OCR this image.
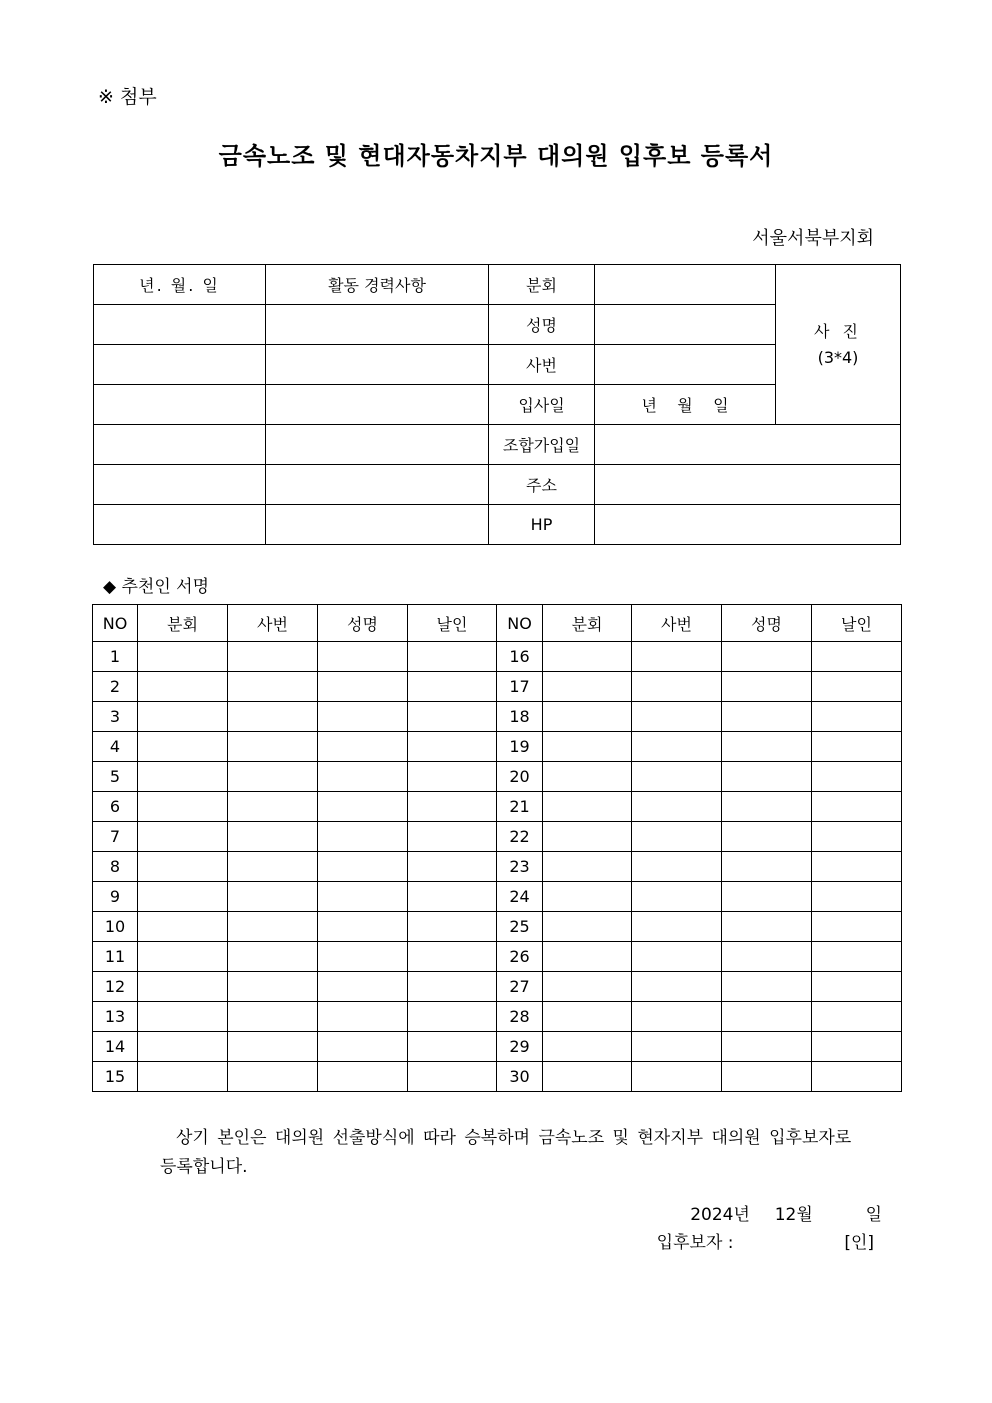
※ 첨부
금속노조 및 현대자동차지부 대의원 입후보 등록서
서울서북부지회
년. 월. 일	활동 경력사항	분회		사 진
(3*4)

		성명		
		사번		
		입사일	년    월    일	
		조합가입일		
		주소		
		HP		
◆ 추천인 서명
NO	분회	사번	성명	날인	NO	분회	사번	성명	날인
1					16				
2					17				
3					18				
4					19				
5					20				
6					21				
7					22				
8					23				
9					24				
10					25				
11					26				
12					27				
13					28				
14					29				
15					30				
상기 본인은 대의원 선출방식에 따라 승복하며 금속노조 및 현자지부 대의원 입후보자로
등록합니다.
2024년 12월	일
입후보자 :	[인]
